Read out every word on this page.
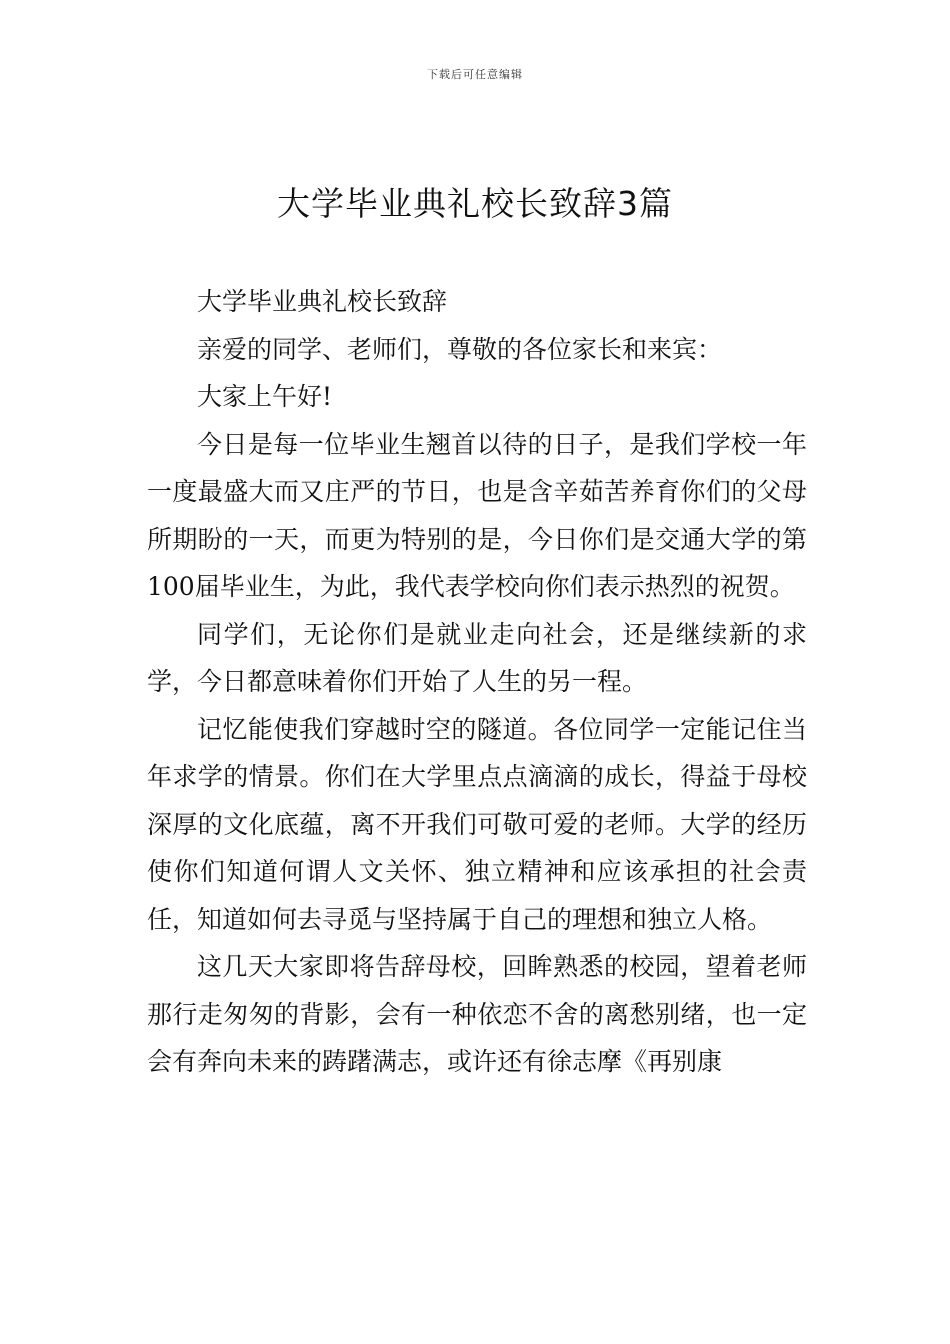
下载后可任意编辑
大学毕业典礼校长致辞3篇

大学毕业典礼校长致辞

亲爱的同学、老师们，尊敬的各位家长和来宾：

大家上午好!

今日是每一位毕业生翘首以待的日子，是我们学校一年一度最盛大而又庄严的节日，也是含辛茹苦养育你们的父母所期盼的一天，而更为特别的是，今日你们是交通大学的第100届毕业生，为此，我代表学校向你们表示热烈的祝贺。

同学们，无论你们是就业走向社会，还是继续新的求学，今日都意味着你们开始了人生的另一程。

记忆能使我们穿越时空的隧道。各位同学一定能记住当年求学的情景。你们在大学里点点滴滴的成长，得益于母校深厚的文化底蕴，离不开我们可敬可爱的老师。大学的经历使你们知道何谓人文关怀、独立精神和应该承担的社会责任，知道如何去寻觅与坚持属于自己的理想和独立人格。

这几天大家即将告辞母校，回眸熟悉的校园，望着老师那行走匆匆的背影，会有一种依恋不舍的离愁别绪，也一定会有奔向未来的踌躇满志，或许还有徐志摩《再别康
